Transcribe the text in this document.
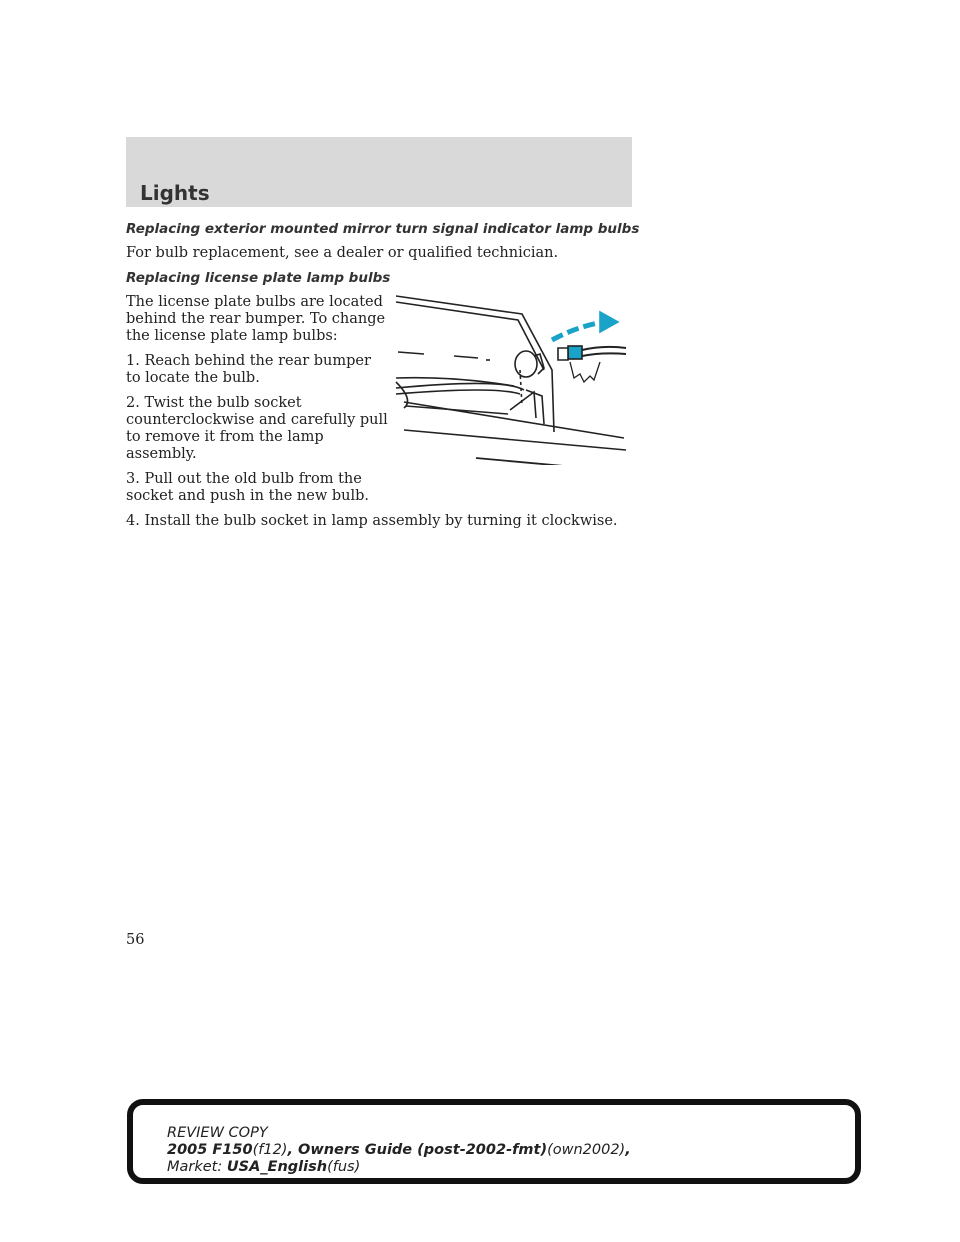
Lights
Replacing exterior mounted mirror turn signal indicator lamp bulbs

For bulb replacement, see a dealer or qualified technician.

Replacing license plate lamp bulbs

The license plate bulbs are located behind the rear bumper. To change the license plate lamp bulbs:

1. Reach behind the rear bumper to locate the bulb.

2. Twist the bulb socket counterclockwise and carefully pull to remove it from the lamp assembly.

3. Pull out the old bulb from the socket and push in the new bulb.

4. Install the bulb socket in lamp assembly by turning it clockwise.

56
REVIEW COPY
2005 F150(f12), Owners Guide (post-2002-fmt)(own2002),
Market: USA_English(fus)
